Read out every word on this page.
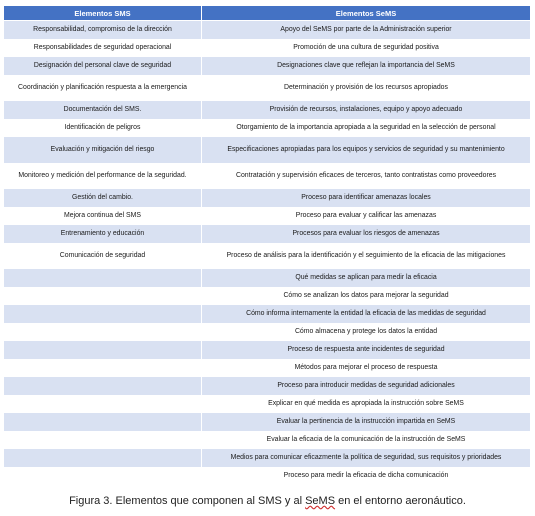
Elementos SMS	Elementos SeMS
Responsabilidad, compromiso de la dirección	Apoyo del SeMS por parte de la Administración superior
Responsabilidades de seguridad operacional	Promoción de una cultura de seguridad positiva
Designación del personal clave de seguridad	Designaciones clave que reflejan la importancia del SeMS
Coordinación y planificación respuesta a la emergencia	Determinación y provisión de los recursos apropiados
Documentación del SMS.	Provisión de recursos, instalaciones, equipo y apoyo adecuado
Identificación de peligros	Otorgamiento de la importancia apropiada a la seguridad en la selección de personal
Evaluación y mitigación del riesgo	Especificaciones apropiadas para los equipos y servicios de seguridad y su mantenimiento
Monitoreo y medición del performance de la seguridad.	Contratación y supervisión eficaces de terceros, tanto contratistas como proveedores
Gestión del cambio.	Proceso para identificar amenazas locales
Mejora continua del SMS	Proceso para evaluar y calificar las amenazas
Entrenamiento y educación	Procesos para evaluar los riesgos de amenazas
Comunicación de seguridad	Proceso de análisis para la identificación y el seguimiento de la eficacia de las mitigaciones
	Qué medidas se aplican para medir la eficacia
	Cómo se analizan los datos para mejorar la seguridad
	Cómo informa internamente la entidad la eficacia de las medidas de seguridad
	Cómo almacena y protege los datos la entidad
	Proceso de respuesta ante incidentes de seguridad
	Métodos para mejorar el proceso de respuesta
	Proceso para introducir medidas de seguridad adicionales
	Explicar en qué medida es apropiada la instrucción sobre SeMS
	Evaluar la pertinencia de la instrucción impartida en SeMS
	Evaluar la eficacia de la comunicación de la instrucción de SeMS
	Medios para comunicar eficazmente la política de seguridad, sus requisitos y prioridades
	Proceso para medir la eficacia de dicha comunicación
Figura 3. Elementos que componen al SMS y al SeMS en el entorno aeronáutico.
